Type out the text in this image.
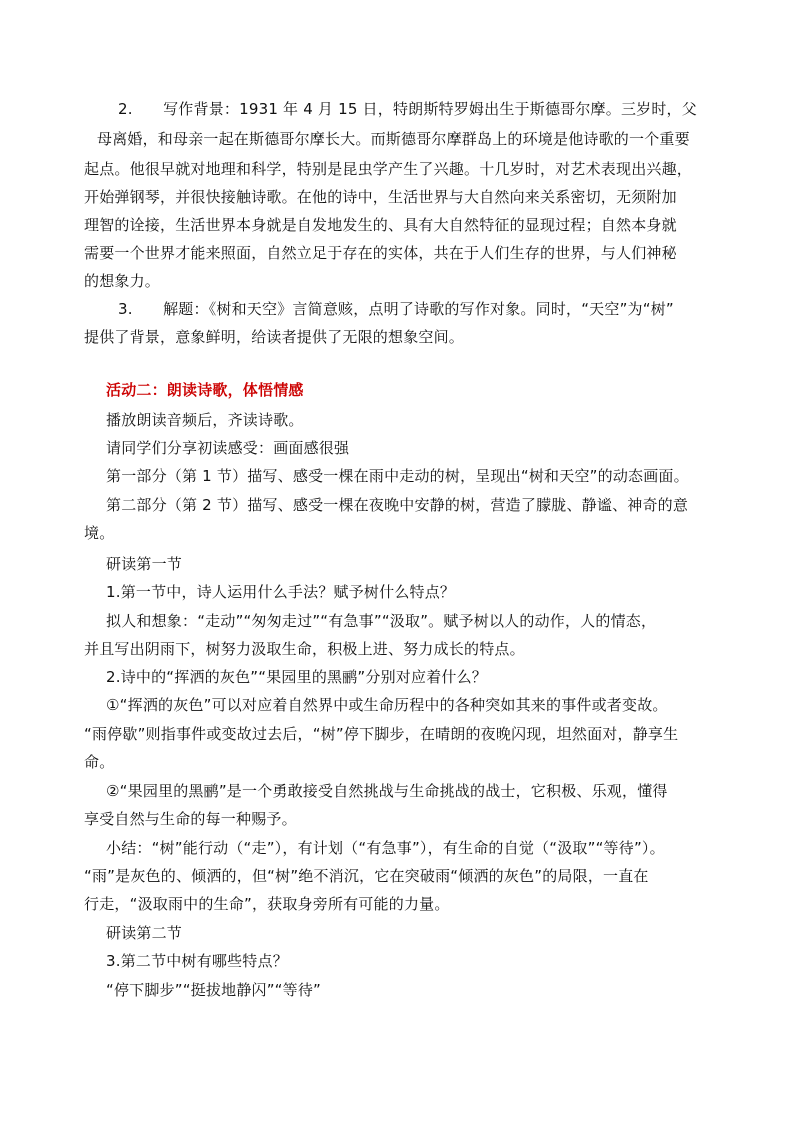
2.　　写作背景：1931 年 4 月 15 日，特朗斯特罗姆出生于斯德哥尔摩。三岁时，父
母离婚，和母亲一起在斯德哥尔摩长大。而斯德哥尔摩群岛上的环境是他诗歌的一个重要
起点。他很早就对地理和科学，特别是昆虫学产生了兴趣。十几岁时，对艺术表现出兴趣，
开始弹钢琴，并很快接触诗歌。在他的诗中，生活世界与大自然向来关系密切，无须附加
理智的诠接，生活世界本身就是自发地发生的、具有大自然特征的显现过程；自然本身就
需要一个世界才能来照面，自然立足于存在的实体，共在于人们生存的世界，与人们神秘
的想象力。
3.　　解题：《树和天空》言简意赅，点明了诗歌的写作对象。同时，“天空”为“树”
提供了背景，意象鲜明，给读者提供了无限的想象空间。
活动二：朗读诗歌，体悟情感
播放朗读音频后，齐读诗歌。
请同学们分享初读感受：画面感很强
第一部分（第 1 节）描写、感受一棵在雨中走动的树，呈现出“树和天空”的动态画面。
第二部分（第 2 节）描写、感受一棵在夜晚中安静的树，营造了朦胧、静谧、神奇的意
境。
研读第一节
1.第一节中，诗人运用什么手法？赋予树什么特点？
拟人和想象：“走动”“匆匆走过”“有急事”“汲取”。赋予树以人的动作，人的情态，
并且写出阴雨下，树努力汲取生命，积极上进、努力成长的特点。
2.诗中的“挥洒的灰色”“果园里的黑鹂”分别对应着什么？
①“挥洒的灰色”可以对应着自然界中或生命历程中的各种突如其来的事件或者变故。
“雨停歇”则指事件或变故过去后，“树”停下脚步，在晴朗的夜晚闪现，坦然面对，静享生
命。
②“果园里的黑鹂”是一个勇敢接受自然挑战与生命挑战的战士，它积极、乐观，懂得
享受自然与生命的每一种赐予。
小结：“树”能行动（“走”），有计划（“有急事”），有生命的自觉（“汲取”“等待”）。
“雨”是灰色的、倾洒的，但“树”绝不消沉，它在突破雨“倾洒的灰色”的局限，一直在
行走，“汲取雨中的生命”，获取身旁所有可能的力量。
研读第二节
3.第二节中树有哪些特点？
“停下脚步”“挺拔地静闪”“等待”
